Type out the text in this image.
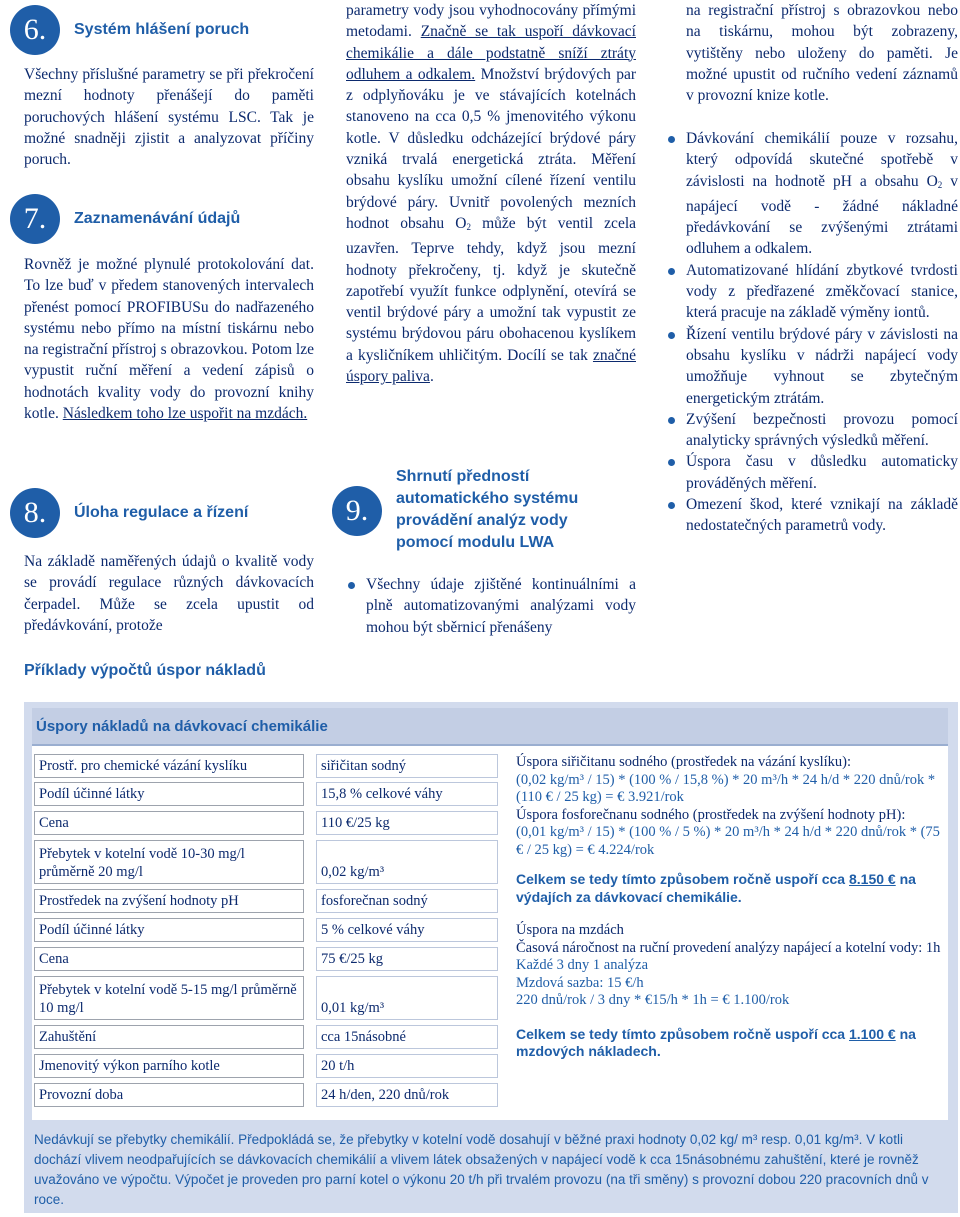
6.	Systém hlášení poruch

Všechny příslušné parametry se při překročení mezní hodnoty přenášejí do paměti poruchových hlášení systému LSC. Tak je možné snadněji zjistit a analyzovat příčiny poruch.

7.	Zaznamenávání údajů

Rovněž je možné plynulé protokolování dat. To lze buď v předem stanovených intervalech přenést pomocí PROFIBUSu do nadřazeného systému nebo přímo na místní tiskárnu nebo na registrační přístroj s obrazovkou. Potom lze vypustit ruční měření a vedení zápisů o hodnotách kvality vody do provozní knihy kotle. Následkem toho lze uspořit na mzdách.

8.	Úloha regulace a řízení

Na základě naměřených údajů o kvalitě vody se provádí regulace různých dávkovacích čerpadel. Může se zcela upustit od předávkování, protože

parametry vody jsou vyhodnocovány přímými metodami. Značně se tak uspoří dávkovací chemikálie a dále podstatně sníží ztráty odluhem a odkalem. Množství brýdových par z odplyňováku je ve stávajících kotelnách stanoveno na cca 0,5 % jmenovitého výkonu kotle. V důsledku odcházející brýdové páry vzniká trvalá energetická ztráta. Měření obsahu kyslíku umožní cílené řízení ventilu brýdové páry. Uvnitř povolených mezních hodnot obsahu $O_2$ může být ventil zcela uzavřen. Teprve tehdy, když jsou mezní hodnoty překročeny, tj. když je skutečně zapotřebí využít funkce odplynění, otevírá se ventil brýdové páry a umožní tak vypustit ze systému brýdovou páru obohacenou kyslíkem a kysličníkem uhličitým. Docílí se tak značné úspory paliva.

9.
Shrnutí předností automatického systému provádění analýz vody pomocí modulu LWA
Všechny údaje zjištěné kontinuálními a plně automatizovanými analýzami vody mohou být sběrnicí přenášeny

na registrační přístroj s obrazovkou nebo na tiskárnu, mohou být zobrazeny, vytištěny nebo uloženy do paměti. Je možné upustit od ručního vedení záznamů v provozní knize kotle.

Dávkování chemikálií pouze v rozsahu, který odpovídá skutečné spotřebě v závislosti na hodnotě pH a obsahu $O_2$ v napájecí vodě - žádné nákladné předávkování se zvýšenými ztrátami odluhem a odkalem.
Automatizované hlídání zbytkové tvrdosti vody z předřazené změkčovací stanice, která pracuje na základě výměny iontů.
Řízení ventilu brýdové páry v závislosti na obsahu kyslíku v nádrži napájecí vody umožňuje vyhnout se zbytečným energetickým ztrátám.
Zvýšení bezpečnosti provozu pomocí analyticky správných výsledků měření.
Úspora času v důsledku automaticky prováděných měření.
Omezení škod, které vznikají na základě nedostatečných parametrů vody.
Příklady výpočtů úspor nákladů
Úspory nákladů na dávkovací chemikálie
Prostř. pro chemické vázání kyslíku	siřičitan sodný
Podíl účinné látky	15,8 % celkové váhy
Cena	110 €/25 kg
Přebytek v kotelní vodě 10-30 mg/l průměrně 20 mg/l	0,02 kg/m³
Prostředek na zvýšení hodnoty pH	fosforečnan sodný
Podíl účinné látky	5 % celkové váhy
Cena	75 €/25 kg
Přebytek v kotelní vodě 5-15 mg/l průměrně 10 mg/l	0,01 kg/m³
Zahuštění	cca 15násobné
Jmenovitý výkon parního kotle	20 t/h
Provozní doba	24 h/den, 220 dnů/rok
Úspora siřičitanu sodného (prostředek na vázání kyslíku):
(0,02 kg/m³ / 15) * (100 % / 15,8 %) * 20 m³/h * 24 h/d * 220 dnů/rok * (110 € / 25 kg) = € 3.921/rok
Úspora fosforečnanu sodného (prostředek na zvýšení hodnoty pH):
(0,01 kg/m³ / 15) * (100 % / 5 %) * 20 m³/h * 24 h/d * 220 dnů/rok * (75 € / 25 kg) = € 4.224/rok
Celkem se tedy tímto způsobem ročně uspoří cca 8.150 € na výdajích za dávkovací chemikálie.
Úspora na mzdách
Časová náročnost na ruční provedení analýzy napájecí a kotelní vody: 1h
Každé 3 dny 1 analýza
Mzdová sazba: 15 €/h
220 dnů/rok / 3 dny * €15/h * 1h = € 1.100/rok
Celkem se tedy tímto způsobem ročně uspoří cca 1.100 € na mzdových nákladech.
Nedávkují se přebytky chemikálií. Předpokládá se, že přebytky v kotelní vodě dosahují v běžné praxi hodnoty 0,02 kg/ m³ resp. 0,01 kg/m³. V kotli dochází vlivem neodpařujících se dávkovacích chemikálií a vlivem látek obsažených v napájecí vodě k cca 15násobnému zahuštění, které je rovněž uvažováno ve výpočtu. Výpočet je proveden pro parní kotel o výkonu 20 t/h při trvalém provozu (na tři směny) s provozní dobou 220 pracovních dnů v roce.
